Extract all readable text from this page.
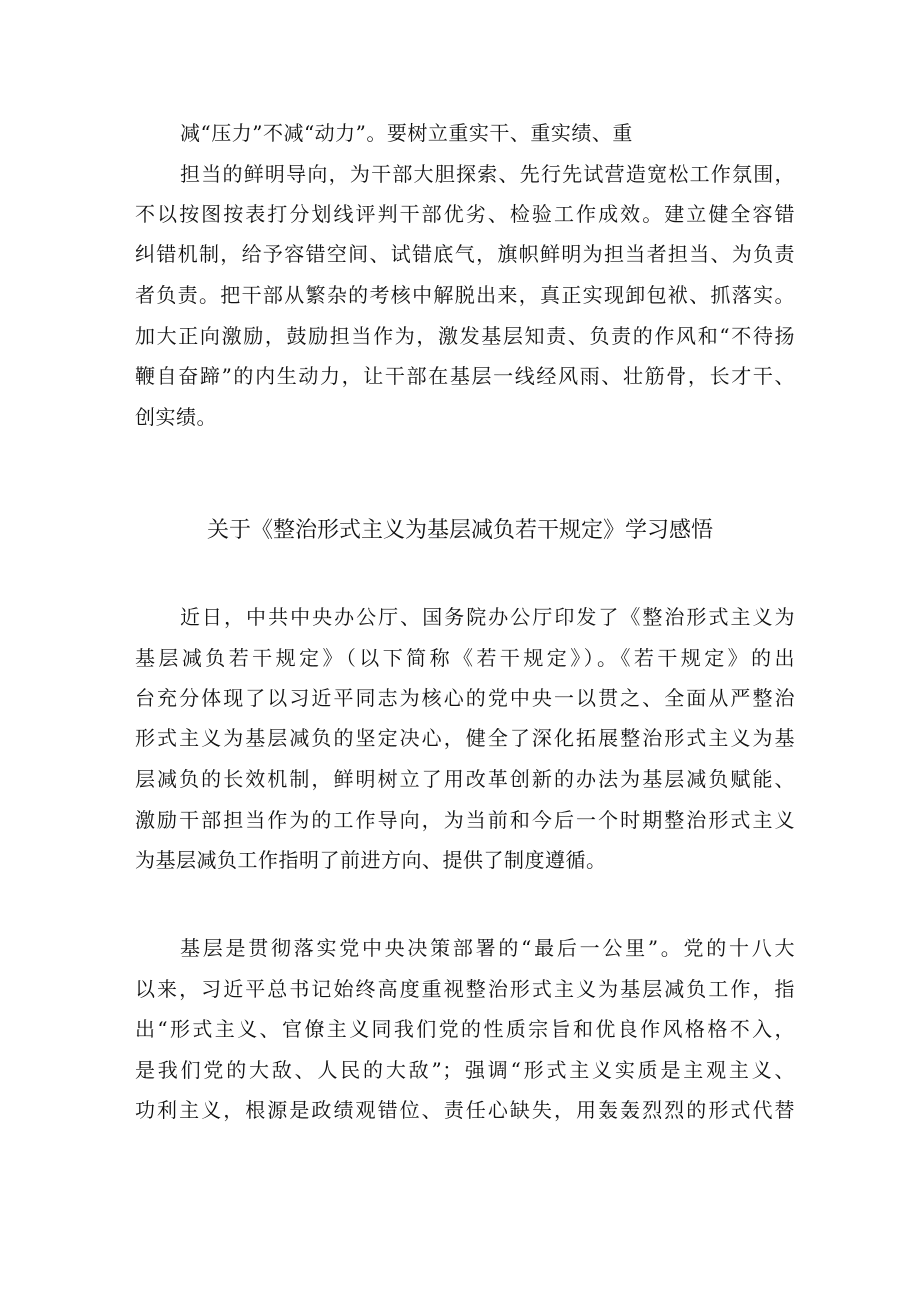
减“压力”不减“动力”。要树立重实干、重实绩、重
担当的鲜明导向，为干部大胆探索、先行先试营造宽松工作氛围，
不以按图按表打分划线评判干部优劣、检验工作成效。建立健全容错
纠错机制，给予容错空间、试错底气，旗帜鲜明为担当者担当、为负责
者负责。把干部从繁杂的考核中解脱出来，真正实现卸包袱、抓落实。
加大正向激励，鼓励担当作为，激发基层知责、负责的作风和“不待扬
鞭自奋蹄”的内生动力，让干部在基层一线经风雨、壮筋骨，长才干、
创实绩。
关于《整治形式主义为基层减负若干规定》学习感悟
近日，中共中央办公厅、国务院办公厅印发了《整治形式主义为
基层减负若干规定》（以下简称《若干规定》）。《若干规定》的出
台充分体现了以习近平同志为核心的党中央一以贯之、全面从严整治
形式主义为基层减负的坚定决心，健全了深化拓展整治形式主义为基
层减负的长效机制，鲜明树立了用改革创新的办法为基层减负赋能、
激励干部担当作为的工作导向，为当前和今后一个时期整治形式主义
为基层减负工作指明了前进方向、提供了制度遵循。
基层是贯彻落实党中央决策部署的“最后一公里”。党的十八大
以来，习近平总书记始终高度重视整治形式主义为基层减负工作，指
出“形式主义、官僚主义同我们党的性质宗旨和优良作风格格不入，
是我们党的大敌、人民的大敌”；强调“形式主义实质是主观主义、
功利主义，根源是政绩观错位、责任心缺失，用轰轰烈烈的形式代替
